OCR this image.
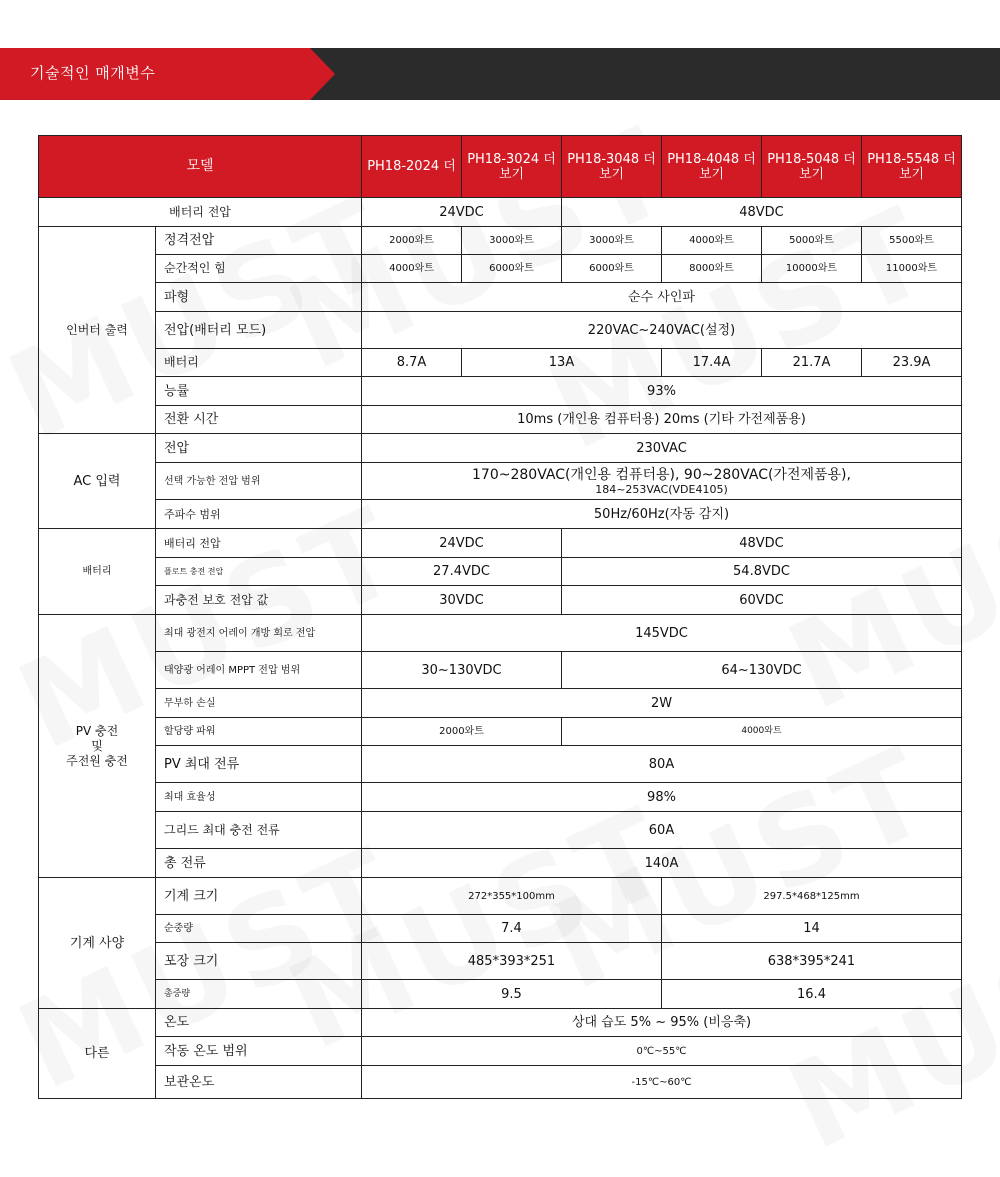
기술적인 매개변수
모델		PH18-2024 더	PH18-3024 더 보기	PH18-3048 더 보기	PH18-4048 더 보기	PH18-5048 더 보기	PH18-5548 더 보기
배터리 전압		24VDC		48VDC			
인버터 출력	정격전압	2000와트	3000와트	3000와트	4000와트	5000와트	5500와트
	순간적인 힘	4000와트	6000와트	6000와트	8000와트	10000와트	11000와트
	파형	순수 사인파					
	전압(배터리 모드)	220VAC~240VAC(설정)					
	배터리	8.7A	13A		17.4A	21.7A	23.9A
	능률	93%					
	전환 시간	10ms (개인용 컴퓨터용) 20ms (기타 가전제품용)					
AC 입력	전압	230VAC					
	선택 가능한 전압 범위	170~280VAC(개인용 컴퓨터용), 90~280VAC(가전제품용),
184~253VAC(VDE4105)					

	주파수 범위	50Hz/60Hz(자동 감지)					
배터리	배터리 전압	24VDC		48VDC			
	플로트 충전 전압	27.4VDC		54.8VDC			
	과충전 보호 전압 값	30VDC		60VDC			

PV 충전
및
주전원 충전	최대 광전지 어레이 개방 회로 전압	145VDC					
	태양광 어레이 MPPT 전압 범위	30~130VDC		64~130VDC			
	무부하 손실	2W					
	할당량 파워	2000와트		4000와트			
	PV 최대 전류	80A					
	최대 효율성	98%					
	그리드 최대 충전 전류	60A					
	총 전류	140A					
기계 사양	기계 크기	272*355*100mm			297.5*468*125mm		
	순중량	7.4			14		
	포장 크기	485*393*251			638*395*241		
	총중량	9.5			16.4		
다른	온도	상대 습도 5% ~ 95% (비응축)					
	작동 온도 범위	0℃~55℃					
	보관온도	-15℃~60℃					
